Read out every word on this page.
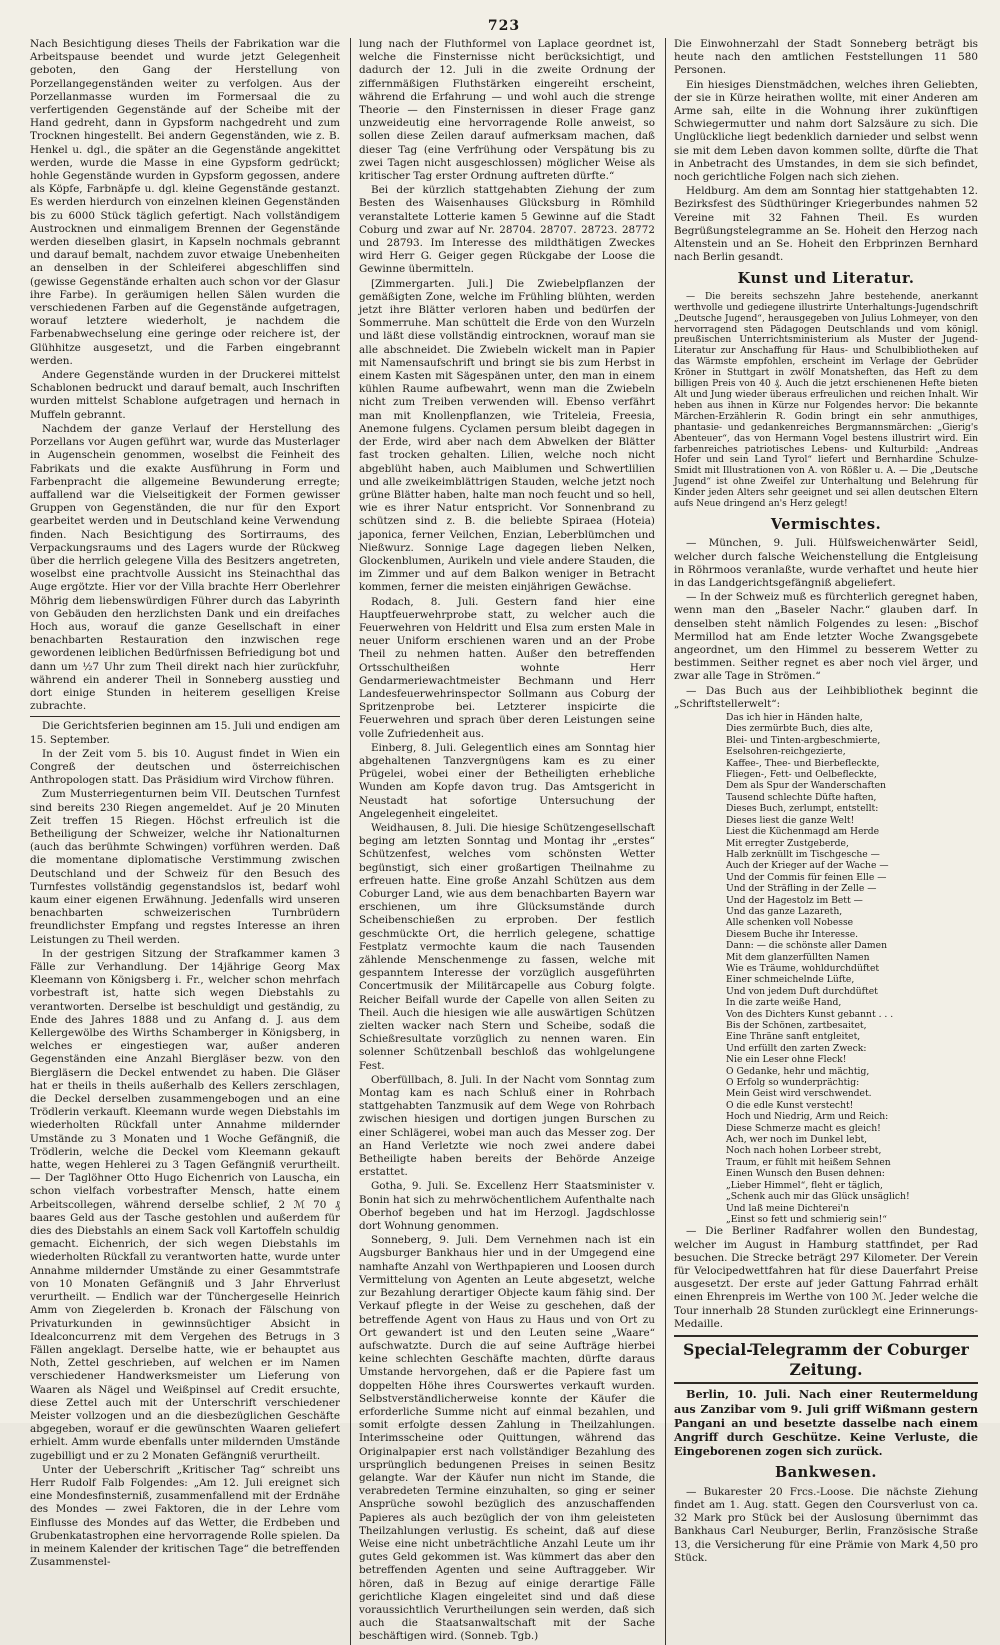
723

Nach Besichtigung dieses Theils der Fabrikation war die Arbeitspause beendet und wurde jetzt Gelegenheit geboten, den Gang der Herstellung von Porzellangegenständen weiter zu verfolgen. Aus der Porzellanmasse wurden im Formersaal die zu verfertigenden Gegenstände auf der Scheibe mit der Hand gedreht, dann in Gypsform nachgedreht und zum Trocknen hingestellt. Bei andern Gegenständen, wie z. B. Henkel u. dgl., die später an die Gegenstände angekittet werden, wurde die Masse in eine Gypsform gedrückt; hohle Gegenstände wurden in Gypsform gegossen, andere als Köpfe, Farbnäpfe u. dgl. kleine Gegenstände gestanzt. Es werden hierdurch von einzelnen kleinen Gegenständen bis zu 6000 Stück täglich gefertigt. Nach vollständigem Austrocknen und einmaligem Brennen der Gegenstände werden dieselben glasirt, in Kapseln nochmals gebrannt und darauf bemalt, nachdem zuvor etwaige Unebenheiten an denselben in der Schleiferei abgeschliffen sind (gewisse Gegenstände erhalten auch schon vor der Glasur ihre Farbe). In geräumigen hellen Sälen wurden die verschiedenen Farben auf die Gegenstände aufgetragen, worauf letztere wiederholt, je nachdem die Farbenabwechselung eine geringe oder reichere ist, der Glühhitze ausgesetzt, und die Farben eingebrannt werden.

Andere Gegenstände wurden in der Druckerei mittelst Schablonen bedruckt und darauf bemalt, auch Inschriften wurden mittelst Schablone aufgetragen und hernach in Muffeln gebrannt.

Nachdem der ganze Verlauf der Herstellung des Porzellans vor Augen geführt war, wurde das Musterlager in Augenschein genommen, woselbst die Feinheit des Fabrikats und die exakte Ausführung in Form und Farbenpracht die allgemeine Bewunderung erregte; auffallend war die Vielseitigkeit der Formen gewisser Gruppen von Gegenständen, die nur für den Export gearbeitet werden und in Deutschland keine Verwendung finden. Nach Besichtigung des Sortirraums, des Verpackungsraums und des Lagers wurde der Rückweg über die herrlich gelegene Villa des Besitzers angetreten, woselbst eine prachtvolle Aussicht ins Steinachthal das Auge ergötzte. Hier vor der Villa brachte Herr Oberlehrer Möhrig dem liebenswürdigen Führer durch das Labyrinth von Gebäuden den herzlichsten Dank und ein dreifaches Hoch aus, worauf die ganze Gesellschaft in einer benachbarten Restauration den inzwischen rege gewordenen leiblichen Bedürfnissen Befriedigung bot und dann um ½7 Uhr zum Theil direkt nach hier zurückfuhr, während ein anderer Theil in Sonneberg ausstieg und dort einige Stunden in heiterem geselligen Kreise zubrachte.

Die Gerichtsferien beginnen am 15. Juli und endigen am 15. September.

In der Zeit vom 5. bis 10. August findet in Wien ein Congreß der deutschen und österreichischen Anthropologen statt. Das Präsidium wird Virchow führen.

Zum Musterriegenturnen beim VII. Deutschen Turnfest sind bereits 230 Riegen angemeldet. Auf je 20 Minuten Zeit treffen 15 Riegen. Höchst erfreulich ist die Betheiligung der Schweizer, welche ihr Nationalturnen (auch das berühmte Schwingen) vorführen werden. Daß die momentane diplomatische Verstimmung zwischen Deutschland und der Schweiz für den Besuch des Turnfestes vollständig gegenstandslos ist, bedarf wohl kaum einer eigenen Erwähnung. Jedenfalls wird unseren benachbarten schweizerischen Turnbrüdern freundlichster Empfang und regstes Interesse an ihren Leistungen zu Theil werden.

In der gestrigen Sitzung der Strafkammer kamen 3 Fälle zur Verhandlung. Der 14jährige Georg Max Kleemann von Königsberg i. Fr., welcher schon mehrfach vorbestraft ist, hatte sich wegen Diebstahls zu verantworten. Derselbe ist beschuldigt und geständig, zu Ende des Jahres 1888 und zu Anfang d. J. aus dem Kellergewölbe des Wirths Schamberger in Königsberg, in welches er eingestiegen war, außer anderen Gegenständen eine Anzahl Biergläser bezw. von den Biergläsern die Deckel entwendet zu haben. Die Gläser hat er theils in theils außerhalb des Kellers zerschlagen, die Deckel derselben zusammengebogen und an eine Trödlerin verkauft. Kleemann wurde wegen Diebstahls im wiederholten Rückfall unter Annahme mildernder Umstände zu 3 Monaten und 1 Woche Gefängniß, die Trödlerin, welche die Deckel vom Kleemann gekauft hatte, wegen Hehlerei zu 3 Tagen Gefängniß verurtheilt. — Der Taglöhner Otto Hugo Eichenrich von Lauscha, ein schon vielfach vorbestrafter Mensch, hatte einem Arbeitscollegen, während derselbe schlief, 2 ℳ 70 ₰ baares Geld aus der Tasche gestohlen und außerdem für dies des Diebstahls an einem Sack voll Kartoffeln schuldig gemacht. Eichenrich, der sich wegen Diebstahls im wiederholten Rückfall zu verantworten hatte, wurde unter Annahme mildernder Umstände zu einer Gesammtstrafe von 10 Monaten Gefängniß und 3 Jahr Ehrverlust verurtheilt. — Endlich war der Tünchergeselle Heinrich Amm von Ziegelerden b. Kronach der Fälschung von Privaturkunden in gewinnsüchtiger Absicht in Idealconcurrenz mit dem Vergehen des Betrugs in 3 Fällen angeklagt. Derselbe hatte, wie er behauptet aus Noth, Zettel geschrieben, auf welchen er im Namen verschiedener Handwerksmeister um Lieferung von Waaren als Nägel und Weißpinsel auf Credit ersuchte, diese Zettel auch mit der Unterschrift verschiedener Meister vollzogen und an die diesbezüglichen Geschäfte abgegeben, worauf er die gewünschten Waaren geliefert erhielt. Amm wurde ebenfalls unter mildernden Umstände zugebilligt und er zu 2 Monaten Gefängniß verurtheilt.

Unter der Ueberschrift „Kritischer Tag“ schreibt uns Herr Rudolf Falb Folgendes: „Am 12. Juli ereignet sich eine Mondesfinsterniß, zusammenfallend mit der Erdnähe des Mondes — zwei Faktoren, die in der Lehre vom Einflusse des Mondes auf das Wetter, die Erdbeben und Grubenkatastrophen eine hervorragende Rolle spielen. Da in meinem Kalender der kritischen Tage“ die betreffenden Zusammenstel-

lung nach der Fluthformel von Laplace geordnet ist, welche die Finsternisse nicht berücksichtigt, und dadurch der 12. Juli in die zweite Ordnung der ziffernmäßigen Fluthstärken eingereiht erscheint, während die Erfahrung — und wohl auch die strenge Theorie — den Finsternissen in dieser Frage ganz unzweideutig eine hervorragende Rolle anweist, so sollen diese Zeilen darauf aufmerksam machen, daß dieser Tag (eine Verfrühung oder Verspätung bis zu zwei Tagen nicht ausgeschlossen) möglicher Weise als kritischer Tag erster Ordnung auftreten dürfte.“

Bei der kürzlich stattgehabten Ziehung der zum Besten des Waisenhauses Glücksburg in Römhild veranstaltete Lotterie kamen 5 Gewinne auf die Stadt Coburg und zwar auf Nr. 28704. 28707. 28723. 28772 und 28793. Im Interesse des mildthätigen Zweckes wird Herr G. Geiger gegen Rückgabe der Loose die Gewinne übermitteln.

[Zimmergarten. Juli.] Die Zwiebelpflanzen der gemäßigten Zone, welche im Frühling blühten, werden jetzt ihre Blätter verloren haben und bedürfen der Sommerruhe. Man schüttelt die Erde von den Wurzeln und läßt diese vollständig eintrocknen, worauf man sie alle abschneidet. Die Zwiebeln wickelt man in Papier mit Namensaufschrift und bringt sie bis zum Herbst in einem Kasten mit Sägespänen unter, den man in einem kühlen Raume aufbewahrt, wenn man die Zwiebeln nicht zum Treiben verwenden will. Ebenso verfährt man mit Knollenpflanzen, wie Triteleia, Freesia, Anemone fulgens. Cyclamen persum bleibt dagegen in der Erde, wird aber nach dem Abwelken der Blätter fast trocken gehalten. Lilien, welche noch nicht abgeblüht haben, auch Maiblumen und Schwertlilien und alle zweikeimblättrigen Stauden, welche jetzt noch grüne Blätter haben, halte man noch feucht und so hell, wie es ihrer Natur entspricht. Vor Sonnenbrand zu schützen sind z. B. die beliebte Spiraea (Hoteia) japonica, ferner Veilchen, Enzian, Leberblümchen und Nießwurz. Sonnige Lage dagegen lieben Nelken, Glockenblumen, Aurikeln und viele andere Stauden, die im Zimmer und auf dem Balkon weniger in Betracht kommen, ferner die meisten einjährigen Gewächse.

Rodach, 8. Juli. Gestern fand hier eine Hauptfeuerwehrprobe statt, zu welcher auch die Feuerwehren von Heldritt und Elsa zum ersten Male in neuer Uniform erschienen waren und an der Probe Theil zu nehmen hatten. Außer den betreffenden Ortsschultheißen wohnte Herr Gendarmeriewachtmeister Bechmann und Herr Landesfeuerwehrinspector Sollmann aus Coburg der Spritzenprobe bei. Letzterer inspicirte die Feuerwehren und sprach über deren Leistungen seine volle Zufriedenheit aus.

Einberg, 8. Juli. Gelegentlich eines am Sonntag hier abgehaltenen Tanzvergnügens kam es zu einer Prügelei, wobei einer der Betheiligten erhebliche Wunden am Kopfe davon trug. Das Amtsgericht in Neustadt hat sofortige Untersuchung der Angelegenheit eingeleitet.

Weidhausen, 8. Juli. Die hiesige Schützengesellschaft beging am letzten Sonntag und Montag ihr „erstes“ Schützenfest, welches vom schönsten Wetter begünstigt, sich einer großartigen Theilnahme zu erfreuen hatte. Eine große Anzahl Schützen aus dem Coburger Land, wie aus dem benachbarten Bayern war erschienen, um ihre Glücksumstände durch Scheibenschießen zu erproben. Der festlich geschmückte Ort, die herrlich gelegene, schattige Festplatz vermochte kaum die nach Tausenden zählende Menschenmenge zu fassen, welche mit gespanntem Interesse der vorzüglich ausgeführten Concertmusik der Militärcapelle aus Coburg folgte. Reicher Beifall wurde der Capelle von allen Seiten zu Theil. Auch die hiesigen wie alle auswärtigen Schützen zielten wacker nach Stern und Scheibe, sodaß die Schießresultate vorzüglich zu nennen waren. Ein solenner Schützenball beschloß das wohlgelungene Fest.

Oberfüllbach, 8. Juli. In der Nacht vom Sonntag zum Montag kam es nach Schluß einer in Rohrbach stattgehabten Tanzmusik auf dem Wege von Rohrbach zwischen hiesigen und dortigen jungen Burschen zu einer Schlägerei, wobei man auch das Messer zog. Der an Hand Verletzte wie noch zwei andere dabei Betheiligte haben bereits der Behörde Anzeige erstattet.

Gotha, 9. Juli. Se. Excellenz Herr Staatsminister v. Bonin hat sich zu mehrwöchentlichem Aufenthalte nach Oberhof begeben und hat im Herzogl. Jagdschlosse dort Wohnung genommen.

Sonneberg, 9. Juli. Dem Vernehmen nach ist ein Augsburger Bankhaus hier und in der Umgegend eine namhafte Anzahl von Werthpapieren und Loosen durch Vermittelung von Agenten an Leute abgesetzt, welche zur Bezahlung derartiger Objecte kaum fähig sind. Der Verkauf pflegte in der Weise zu geschehen, daß der betreffende Agent von Haus zu Haus und von Ort zu Ort gewandert ist und den Leuten seine „Waare“ aufschwatzte. Durch die auf seine Aufträge hierbei keine schlechten Geschäfte machten, dürfte daraus Umstande hervorgehen, daß er die Papiere fast um doppelten Höhe ihres Courswertes verkauft wurden. Selbstverständlicherweise konnte der Käufer die erforderliche Summe nicht auf einmal bezahlen, und somit erfolgte dessen Zahlung in Theilzahlungen. Interimsscheine oder Quittungen, während das Originalpapier erst nach vollständiger Bezahlung des ursprünglich bedungenen Preises in seinen Besitz gelangte. War der Käufer nun nicht im Stande, die verabredeten Termine einzuhalten, so ging er seiner Ansprüche sowohl bezüglich des anzuschaffenden Papieres als auch bezüglich der von ihm geleisteten Theilzahlungen verlustig. Es scheint, daß auf diese Weise eine nicht unbeträchtliche Anzahl Leute um ihr gutes Geld gekommen ist. Was kümmert das aber den betreffenden Agenten und seine Auftraggeber. Wir hören, daß in Bezug auf einige derartige Fälle gerichtliche Klagen eingeleitet sind und daß diese voraussichtlich Verurtheilungen sein werden, daß sich auch die Staatsanwaltschaft mit der Sache beschäftigen wird. (Sonneb. Tgb.)

Die Einwohnerzahl der Stadt Sonneberg beträgt bis heute nach den amtlichen Feststellungen 11 580 Personen.

Ein hiesiges Dienstmädchen, welches ihren Geliebten, der sie in Kürze heirathen wollte, mit einer Anderen am Arme sah, eilte in die Wohnung ihrer zukünftigen Schwiegermutter und nahm dort Salzsäure zu sich. Die Unglückliche liegt bedenklich darnieder und selbst wenn sie mit dem Leben davon kommen sollte, dürfte die That in Anbetracht des Umstandes, in dem sie sich befindet, noch gerichtliche Folgen nach sich ziehen.

Heldburg. Am dem am Sonntag hier stattgehabten 12. Bezirksfest des Südthüringer Kriegerbundes nahmen 52 Vereine mit 32 Fahnen Theil. Es wurden Begrüßungstelegramme an Se. Hoheit den Herzog nach Altenstein und an Se. Hoheit den Erbprinzen Bernhard nach Berlin gesandt.

Kunst und Literatur.

— Die bereits sechszehn Jahre bestehende, anerkannt werthvolle und gediegene illustrirte Unterhaltungs-Jugendschrift „Deutsche Jugend“, herausgegeben von Julius Lohmeyer, von den hervorragend sten Pädagogen Deutschlands und vom königl. preußischen Unterrichtsministerium als Muster der Jugend-Literatur zur Anschaffung für Haus- und Schulbibliotheken auf das Wärmste empfohlen, erscheint im Verlage der Gebrüder Kröner in Stuttgart in zwölf Monatsheften, das Heft zu dem billigen Preis von 40 ₰. Auch die jetzt erschienenen Hefte bieten Alt und Jung wieder überaus erfreulichen und reichen Inhalt. Wir heben aus ihnen in Kürze nur Folgendes hervor: Die bekannte Märchen-Erzählerin R. Godin bringt ein sehr anmuthiges, phantasie- und gedankenreiches Bergmannsmärchen: „Gierig's Abenteuer“, das von Hermann Vogel bestens illustrirt wird. Ein farbenreiches patriotisches Lebens- und Kulturbild: „Andreas Hofer und sein Land Tyrol“ liefert und Bernhardine Schulze-Smidt mit Illustrationen von A. von Rößler u. A. — Die „Deutsche Jugend“ ist ohne Zweifel zur Unterhaltung und Belehrung für Kinder jeden Alters sehr geeignet und sei allen deutschen Eltern aufs Neue dringend an's Herz gelegt!

Vermischtes.

— München, 9. Juli. Hülfsweichenwärter Seidl, welcher durch falsche Weichenstellung die Entgleisung in Röhrmoos veranlaßte, wurde verhaftet und heute hier in das Landgerichtsgefängniß abgeliefert.

— In der Schweiz muß es fürchterlich geregnet haben, wenn man den „Baseler Nachr.“ glauben darf. In denselben steht nämlich Folgendes zu lesen: „Bischof Mermillod hat am Ende letzter Woche Zwangsgebete angeordnet, um den Himmel zu besserem Wetter zu bestimmen. Seither regnet es aber noch viel ärger, und zwar alle Tage in Strömen.“

— Das Buch aus der Leihbibliothek beginnt die „Schriftstellerwelt“:

Das ich hier in Händen halte,
Dies zermürbte Buch, dies alte,
Blei- und Tinten-argbeschmierte,
Eselsohren-reichgezierte,
Kaffee-, Thee- und Bierbefleckte,
Fliegen-, Fett- und Oelbefleckte,
Dem als Spur der Wanderschaften
Tausend schlechte Düfte haften,
Dieses Buch, zerlumpt, entstellt:
Dieses liest die ganze Welt!
Liest die Küchenmagd am Herde
Mit erregter Zustgeberde,
Halb zerknüllt im Tischgesche —
Auch der Krieger auf der Wache —
Und der Commis für feinen Elle —
Und der Sträfling in der Zelle —
Und der Hagestolz im Bett —
Und das ganze Lazareth,
Alle schenken voll Nobesse
Diesem Buche ihr Interesse.
Dann: — die schönste aller Damen
Mit dem glanzerfüllten Namen
Wie es Träume, wohldurchdüftet
Einer schmeichelnde Lüfte,
Und von jedem Duft durchdüftet
In die zarte weiße Hand,
Von des Dichters Kunst gebannt . . .
Bis der Schönen, zartbesaitet,
Eine Thräne sanft entgleitet,
Und erfüllt den zarten Zweck:
Nie ein Leser ohne Fleck!
O Gedanke, hehr und mächtig,
O Erfolg so wunderprächtig:
Mein Geist wird verschwendet.
O die edle Kunst verstecht!
Hoch und Niedrig, Arm und Reich:
Diese Schmerze macht es gleich!
Ach, wer noch im Dunkel lebt,
Noch nach hohen Lorbeer strebt,
Traum, er fühlt mit heißem Sehnen
Einen Wunsch den Busen dehnen:
„Lieber Himmel“, fleht er täglich,
„Schenk auch mir das Glück unsäglich!
Und laß meine Dichterei'n
„Einst so fett und schmierig sein!“

— Die Berliner Radfahrer wollen den Bundestag, welcher im August in Hamburg stattfindet, per Rad besuchen. Die Strecke beträgt 297 Kilometer. Der Verein für Velocipedwettfahren hat für diese Dauerfahrt Preise ausgesetzt. Der erste auf jeder Gattung Fahrrad erhält einen Ehrenpreis im Werthe von 100 ℳ. Jeder welche die Tour innerhalb 28 Stunden zurücklegt eine Erinnerungs-Medaille.

Special-Telegramm der Coburger Zeitung.

Berlin, 10. Juli. Nach einer Reutermeldung aus Zanzibar vom 9. Juli griff Wißmann gestern Pangani an und besetzte dasselbe nach einem Angriff durch Geschütze. Keine Verluste, die Eingeborenen zogen sich zurück.

Bankwesen.

— Bukarester 20 Frcs.-Loose. Die nächste Ziehung findet am 1. Aug. statt. Gegen den Coursverlust von ca. 32 Mark pro Stück bei der Auslosung übernimmt das Bankhaus Carl Neuburger, Berlin, Französische Straße 13, die Versicherung für eine Prämie von Mark 4,50 pro Stück.
